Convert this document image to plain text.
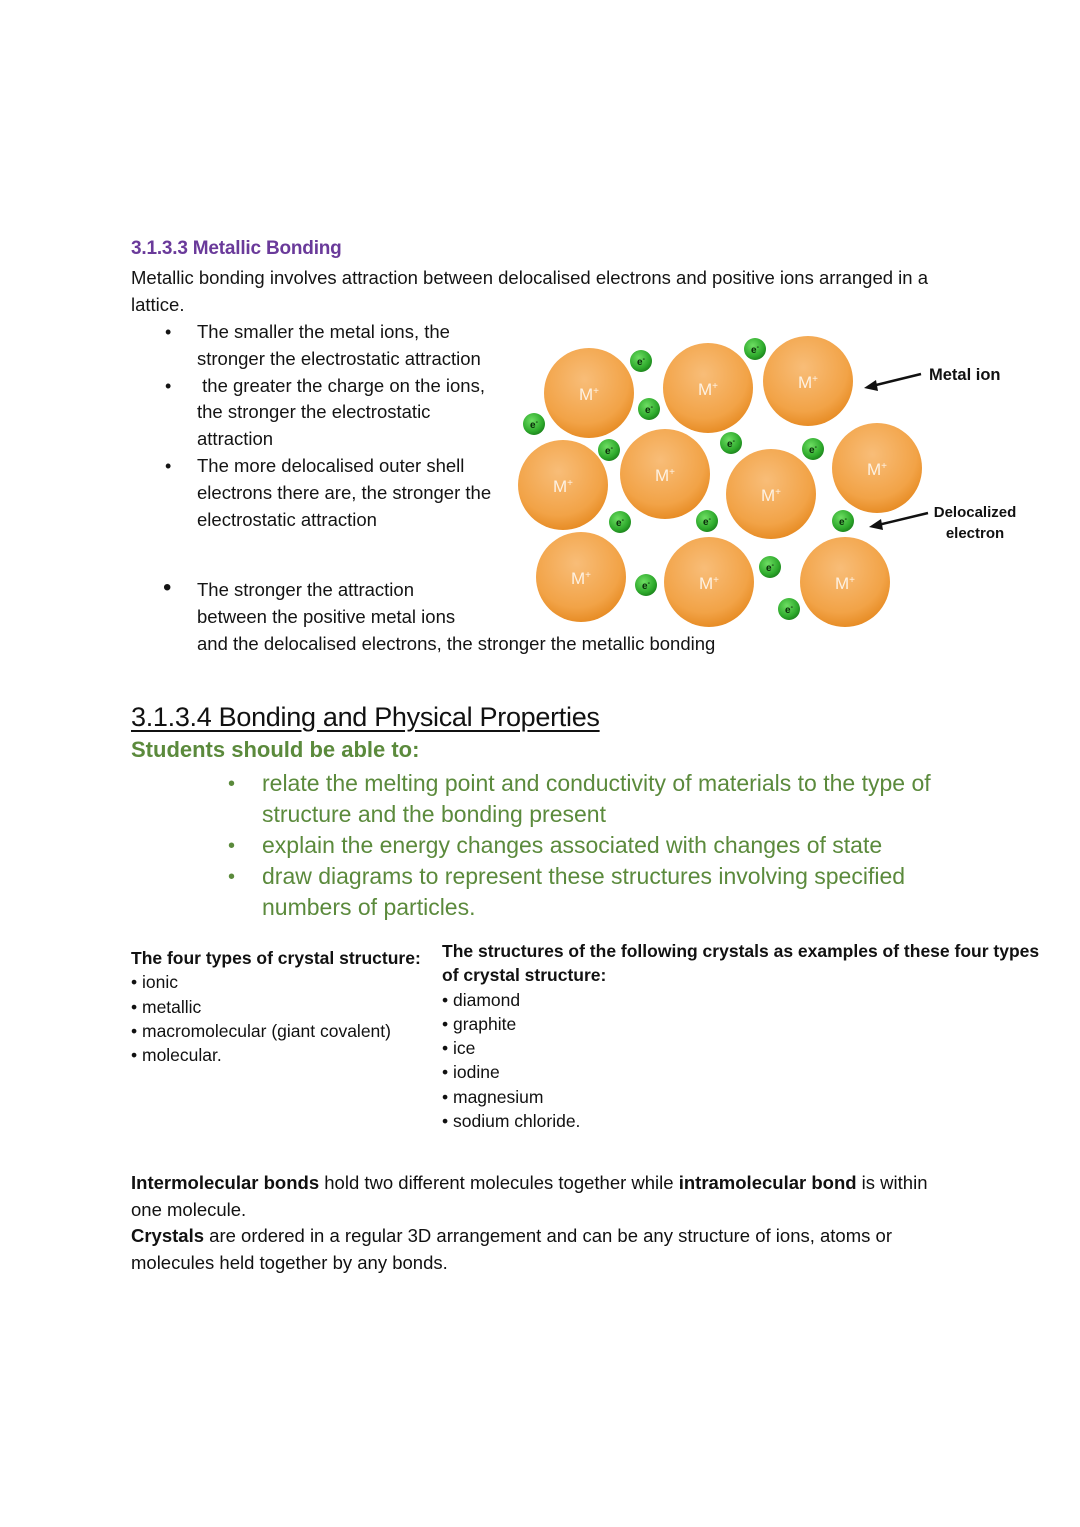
3.1.3.3 Metallic Bonding
Metallic bonding involves attraction between delocalised electrons and positive ions arranged in a lattice.
• The smaller the metal ions, the stronger the electrostatic attraction
• the greater the charge on the ions, the stronger the electrostatic attraction
• The more delocalised outer shell electrons there are, the stronger the electrostatic attraction
• The stronger the attraction
between the positive metal ions
and the delocalised electrons, the stronger the metallic bonding
M+	M+	M+
M+	M+
M+
M+
M+	M+	M+
e-
e-
e-
e-
e-	e-
e-
e-	e-	e-
e-
e-
e-
Metal ion
Delocalized
electron
3.1.3.4 Bonding and Physical Properties
Students should be able to:
• relate the melting point and conductivity of materials to the type of structure and the bonding present
• explain the energy changes associated with changes of state
• draw diagrams to represent these structures involving specified numbers of particles.
The four types of crystal structure:
• ionic
• metallic
• macromolecular (giant covalent)
• molecular.
The structures of the following crystals as examples of these four types of crystal structure:
• diamond
• graphite
• ice
• iodine
• magnesium
• sodium chloride.
Intermolecular bonds hold two different molecules together while intramolecular bond is within one molecule.
Crystals are ordered in a regular 3D arrangement and can be any structure of ions, atoms or molecules held together by any bonds.
